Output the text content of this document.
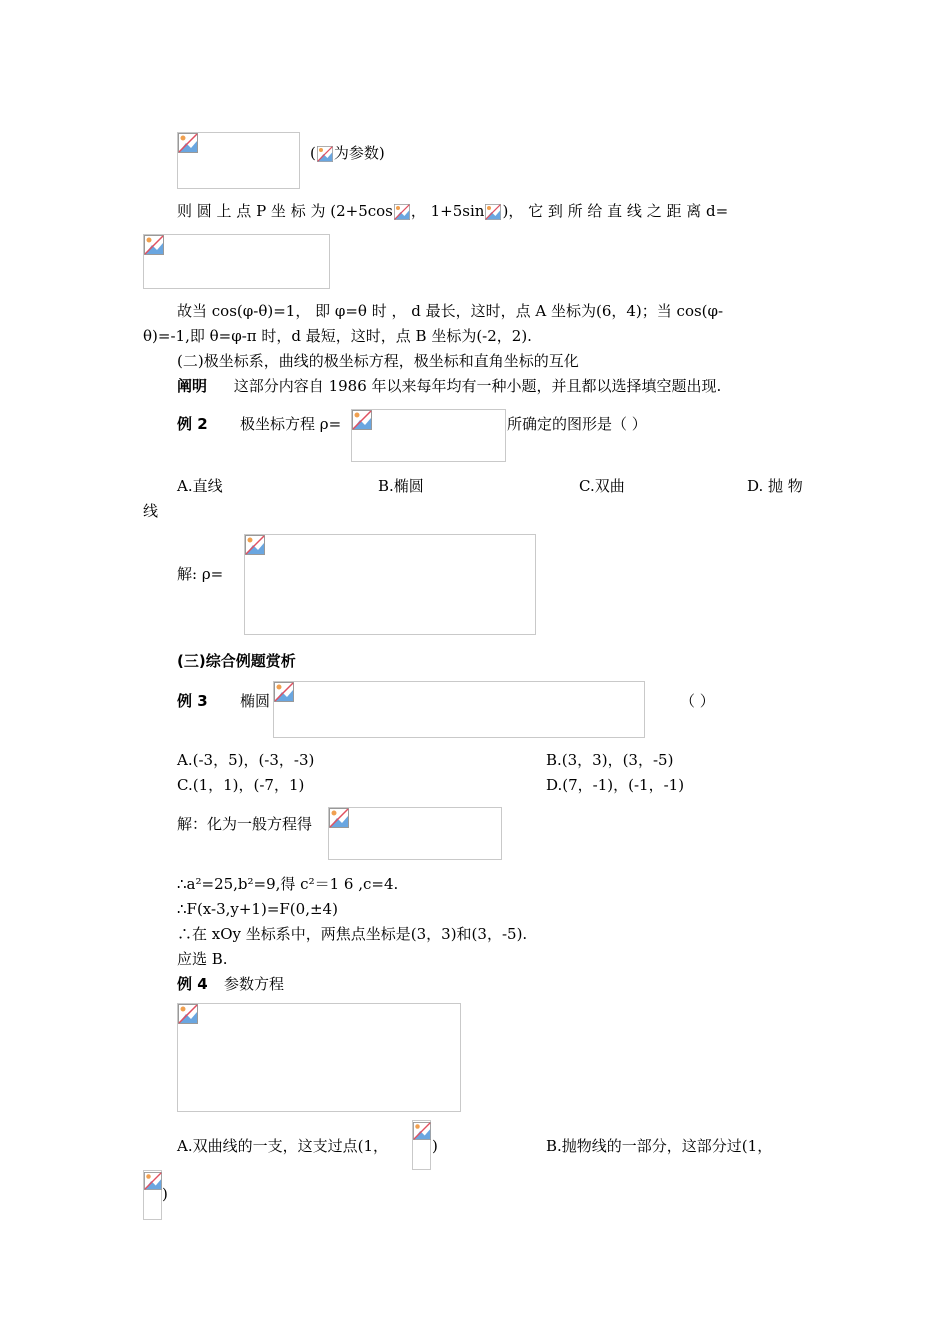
( 为参数)
则 圆 上 点 P 坐 标 为 (2+5cos ， 1+5sin )， 它 到 所 给 直 线 之 距 离 d=
故当 cos(φ-θ)=1， 即 φ=θ 时 ， d 最长，这时，点 A 坐标为(6，4)；当 cos(φ-
θ)=-1,即 θ=φ-π 时，d 最短，这时，点 B 坐标为(-2，2).
(二)极坐标系，曲线的极坐标方程，极坐标和直角坐标的互化
阐明 这部分内容自 1986 年以来每年均有一种小题，并且都以选择填空题出现.
例 2 极坐标方程 ρ=	所确定的图形是（ ）
A.直线	B.椭圆	C.双曲	D. 抛 物
线
解: ρ=
(三)综合例题赏析
例 3 椭圆	（ ）
A.(-3，5)，(-3，-3)	B.(3，3)，(3，-5)
C.(1，1)，(-7，1)	D.(7，-1)，(-1，-1)
解：化为一般方程得
∴a²=25,b²=9,得 c²＝1 6 ,c=4.
∴F(x-3,y+1)=F(0,±4)
∴在 xOy 坐标系中，两焦点坐标是(3，3)和(3，-5).
应选 B.
例 4 参数方程
A.双曲线的一支，这支过点(1，	)	B.抛物线的一部分，这部分过(1，
)
